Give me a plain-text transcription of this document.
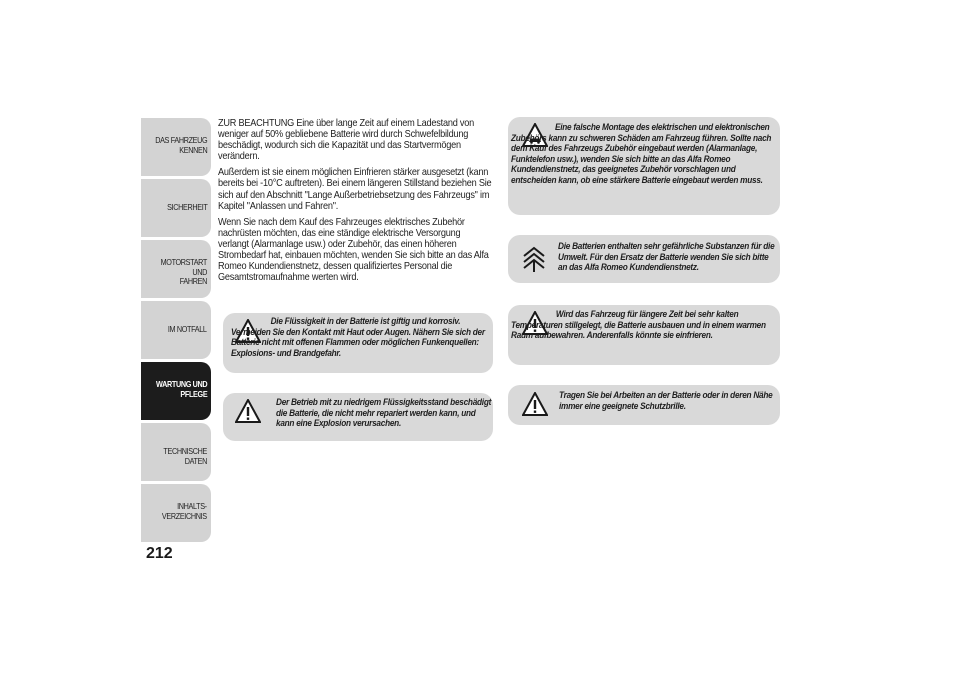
DAS FAHRZEUG
KENNEN
SICHERHEIT
MOTORSTART UND
FAHREN
IM NOTFALL
WARTUNG UND
PFLEGE
TECHNISCHE DATEN
INHALTS-
VERZEICHNIS
212

ZUR BEACHTUNG Eine über lange Zeit auf einem Ladestand von weniger auf 50% gebliebene Batterie wird durch Schwefelbildung beschädigt, wodurch sich die Kapazität und das Startvermögen verändern.

Außerdem ist sie einem möglichen Einfrieren stärker ausgesetzt (kann bereits bei -10°C auftreten). Bei einem längeren Stillstand beziehen Sie sich auf den Abschnitt "Lange Außerbetriebsetzung des Fahrzeugs" im Kapitel "Anlassen und Fahren".

Wenn Sie nach dem Kauf des Fahrzeuges elektrisches Zubehör nachrüsten möchten, das eine ständige elektrische Versorgung verlangt (Alarmanlage usw.) oder Zubehör, das einen höheren Strombedarf hat, einbauen möchten, wenden Sie sich bitte an das Alfa Romeo Kundendienstnetz, dessen qualifiziertes Personal die Gesamtstromaufnahme werten wird.

Die Flüssigkeit in der Batterie ist giftig und korrosiv. Vermeiden Sie den Kontakt mit Haut oder Augen. Nähern Sie sich der Batterie nicht mit offenen Flammen oder möglichen Funkenquellen: Explosions- und Brandgefahr.
Der Betrieb mit zu niedrigem Flüssigkeitsstand beschädigt die Batterie, die nicht mehr repariert werden kann, und kann eine Explosion verursachen.
Eine falsche Montage des elektrischen und elektronischen Zubehörs kann zu schweren Schäden am Fahrzeug führen. Sollte nach dem Kauf des Fahrzeugs Zubehör eingebaut werden (Alarmanlage, Funktelefon usw.), wenden Sie sich bitte an das Alfa Romeo Kundendienstnetz, das geeignetes Zubehör vorschlagen und entscheiden kann, ob eine stärkere Batterie eingebaut werden muss.
Die Batterien enthalten sehr gefährliche Substanzen für die Umwelt. Für den Ersatz der Batterie wenden Sie sich bitte an das Alfa Romeo Kundendienstnetz.
Wird das Fahrzeug für längere Zeit bei sehr kalten Temperaturen stillgelegt, die Batterie ausbauen und in einem warmen Raum aufbewahren. Anderenfalls könnte sie einfrieren.
Tragen Sie bei Arbeiten an der Batterie oder in deren Nähe immer eine geeignete Schutzbrille.
